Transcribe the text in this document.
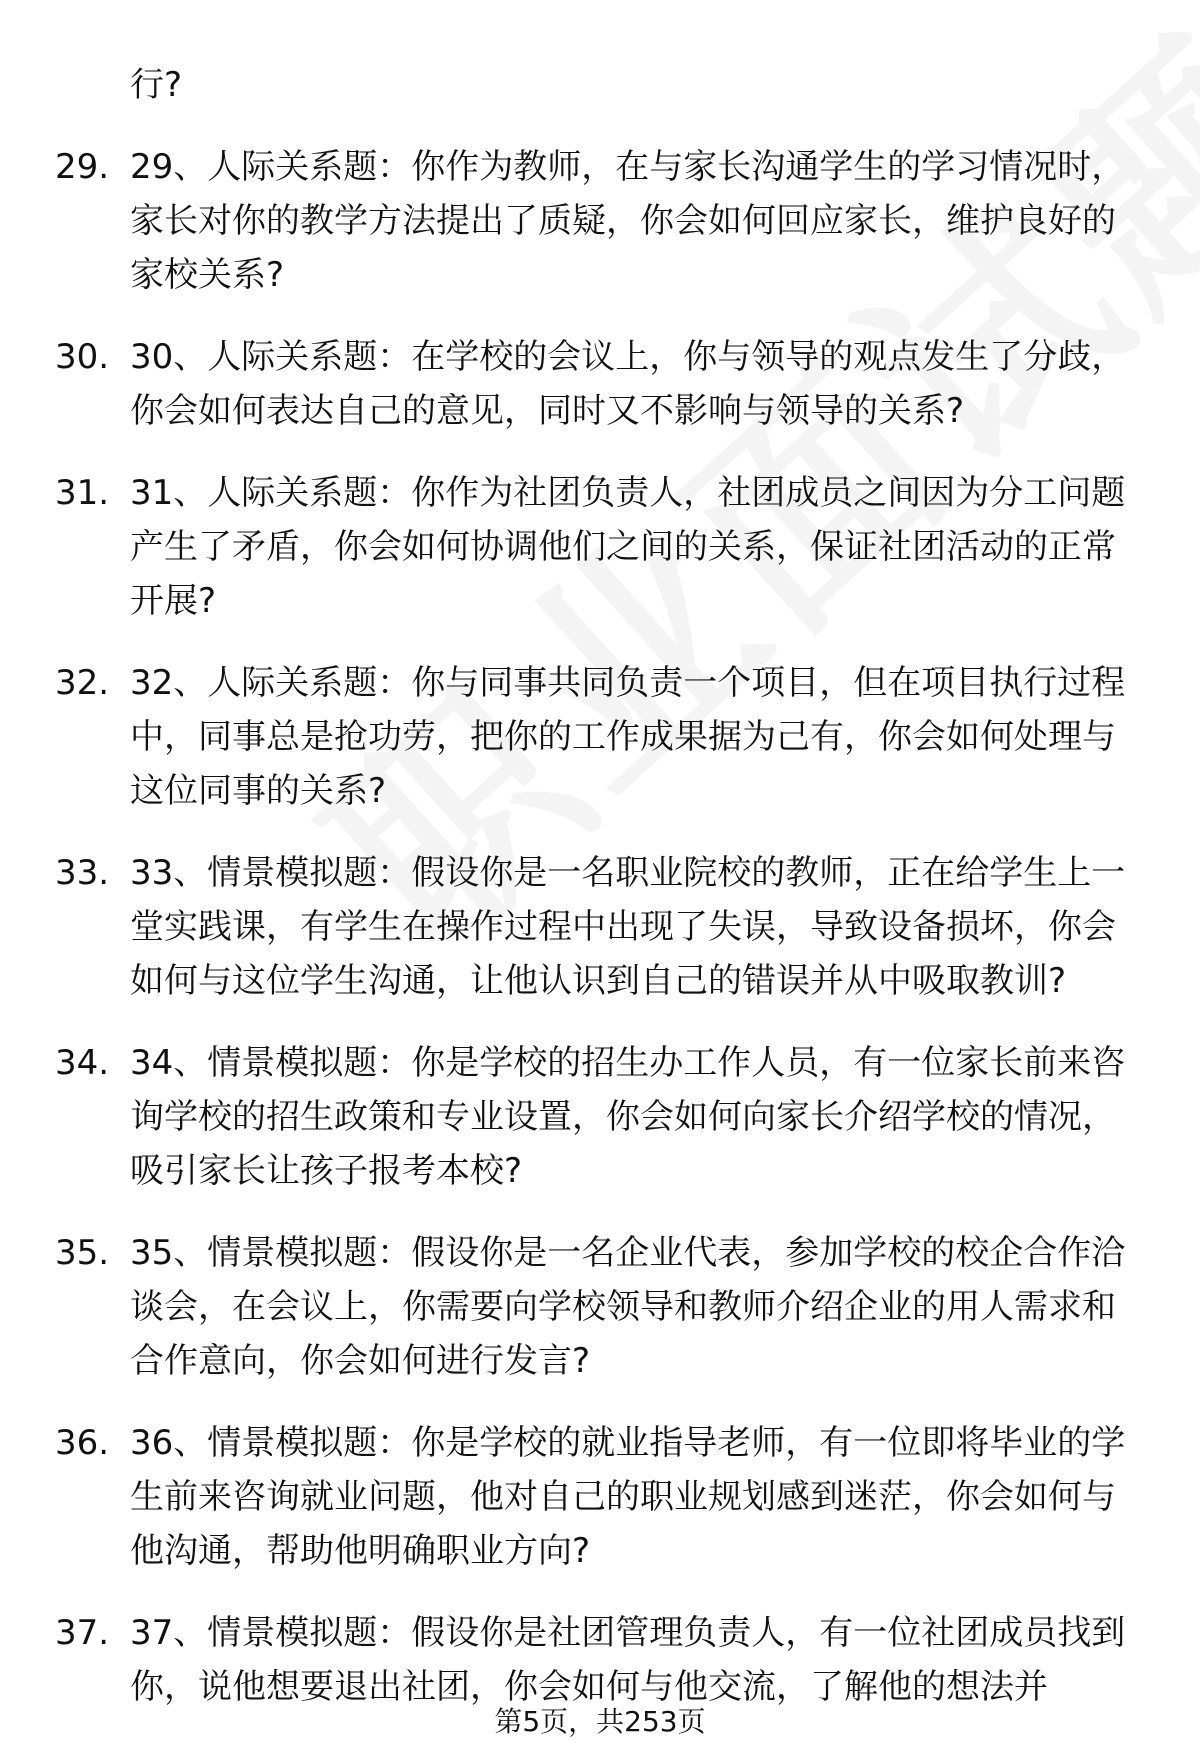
行?
29. 29、人际关系题：你作为教师，在与家长沟通学生的学习情况时，家长对你的教学方法提出了质疑，你会如何回应家长，维护良好的家校关系?
30. 30、人际关系题：在学校的会议上，你与领导的观点发生了分歧，你会如何表达自己的意见，同时又不影响与领导的关系?
31. 31、人际关系题：你作为社团负责人，社团成员之间因为分工问题产生了矛盾，你会如何协调他们之间的关系，保证社团活动的正常开展?
32. 32、人际关系题：你与同事共同负责一个项目，但在项目执行过程中，同事总是抢功劳，把你的工作成果据为己有，你会如何处理与这位同事的关系?
33. 33、情景模拟题：假设你是一名职业院校的教师，正在给学生上一堂实践课，有学生在操作过程中出现了失误，导致设备损坏，你会如何与这位学生沟通，让他认识到自己的错误并从中吸取教训?
34. 34、情景模拟题：你是学校的招生办工作人员，有一位家长前来咨询学校的招生政策和专业设置，你会如何向家长介绍学校的情况，吸引家长让孩子报考本校?
35. 35、情景模拟题：假设你是一名企业代表，参加学校的校企合作洽谈会，在会议上，你需要向学校领导和教师介绍企业的用人需求和合作意向，你会如何进行发言?
36. 36、情景模拟题：你是学校的就业指导老师，有一位即将毕业的学生前来咨询就业问题，他对自己的职业规划感到迷茫，你会如何与他沟通，帮助他明确职业方向?
37. 37、情景模拟题：假设你是社团管理负责人，有一位社团成员找到你，说他想要退出社团，你会如何与他交流，了解他的想法并
第5页，共253页
